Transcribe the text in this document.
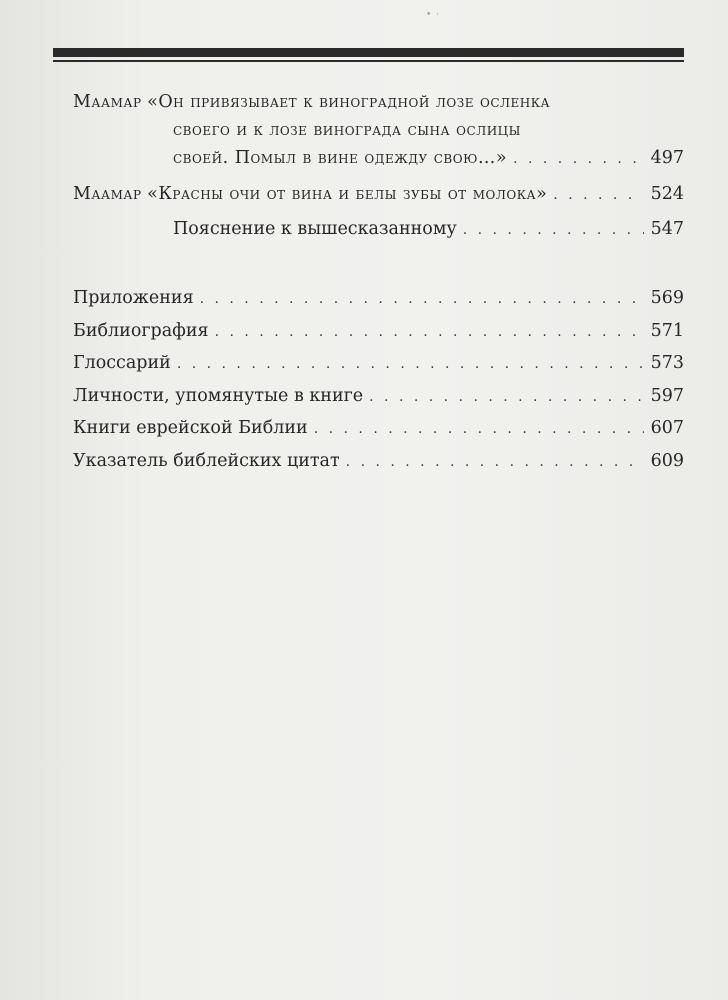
• ·
Маамар «Он привязывает к виноградной лозе осленка
своего и к лозе винограда сына ослицы
своей. Помыл в вине одежду свою…» . . .	497
Маамар «Красны очи от вина и белы зубы от молока» . . .	524
Пояснение к вышесказанному . . .	547
Приложения . . .	569
Библиография . . .	571
Глоссарий . . .	573
Личности, упомянутые в книге . . .	597
Книги еврейской Библии . . .	607
Указатель библейских цитат . . .	609
